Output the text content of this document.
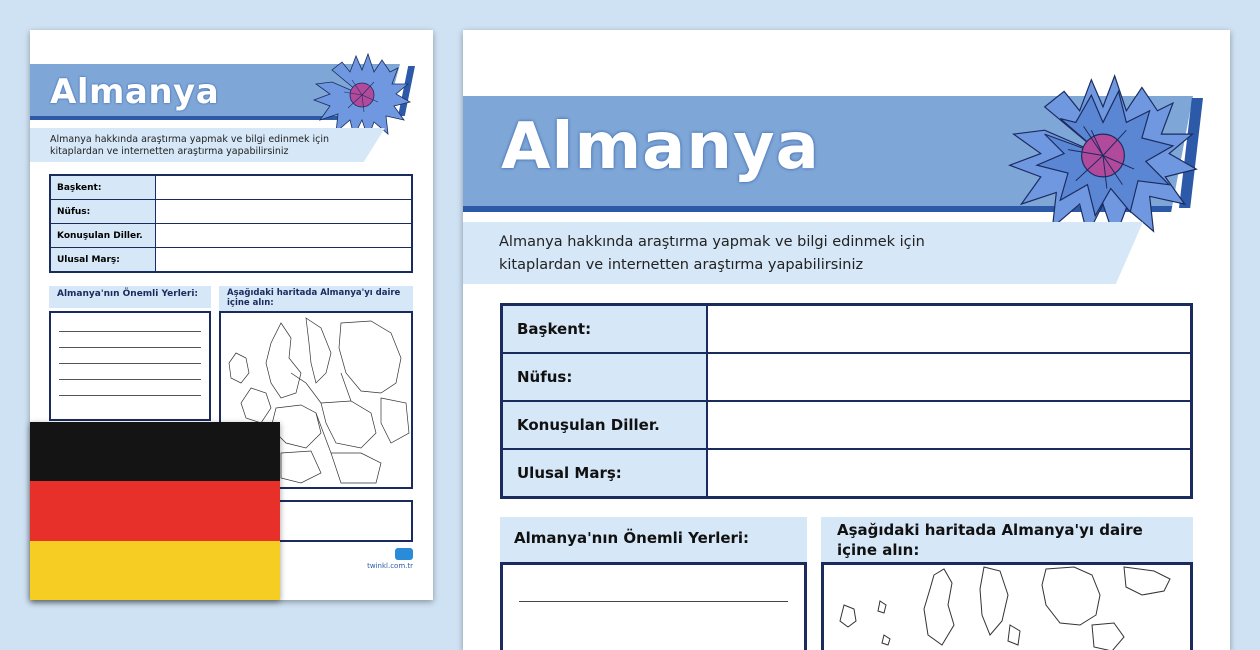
Almanya
Almanya hakkında araştırma yapmak ve bilgi edinmek için kitaplardan ve internetten araştırma yapabilirsiniz
Başkent:	
Nüfus:	
Konuşulan Diller.	
Ulusal Marş:	
Almanya'nın Önemli Yerleri:	Aşağıdaki haritada Almanya'yı daire içine alın:
twinkl.com.tr
Almanya
Almanya hakkında araştırma yapmak ve bilgi edinmek için
kitaplardan ve internetten araştırma yapabilirsiniz
Başkent:	
Nüfus:	
Konuşulan Diller.	
Ulusal Marş:	
Almanya'nın Önemli Yerleri:	Aşağıdaki haritada Almanya'yı daire
içine alın:
